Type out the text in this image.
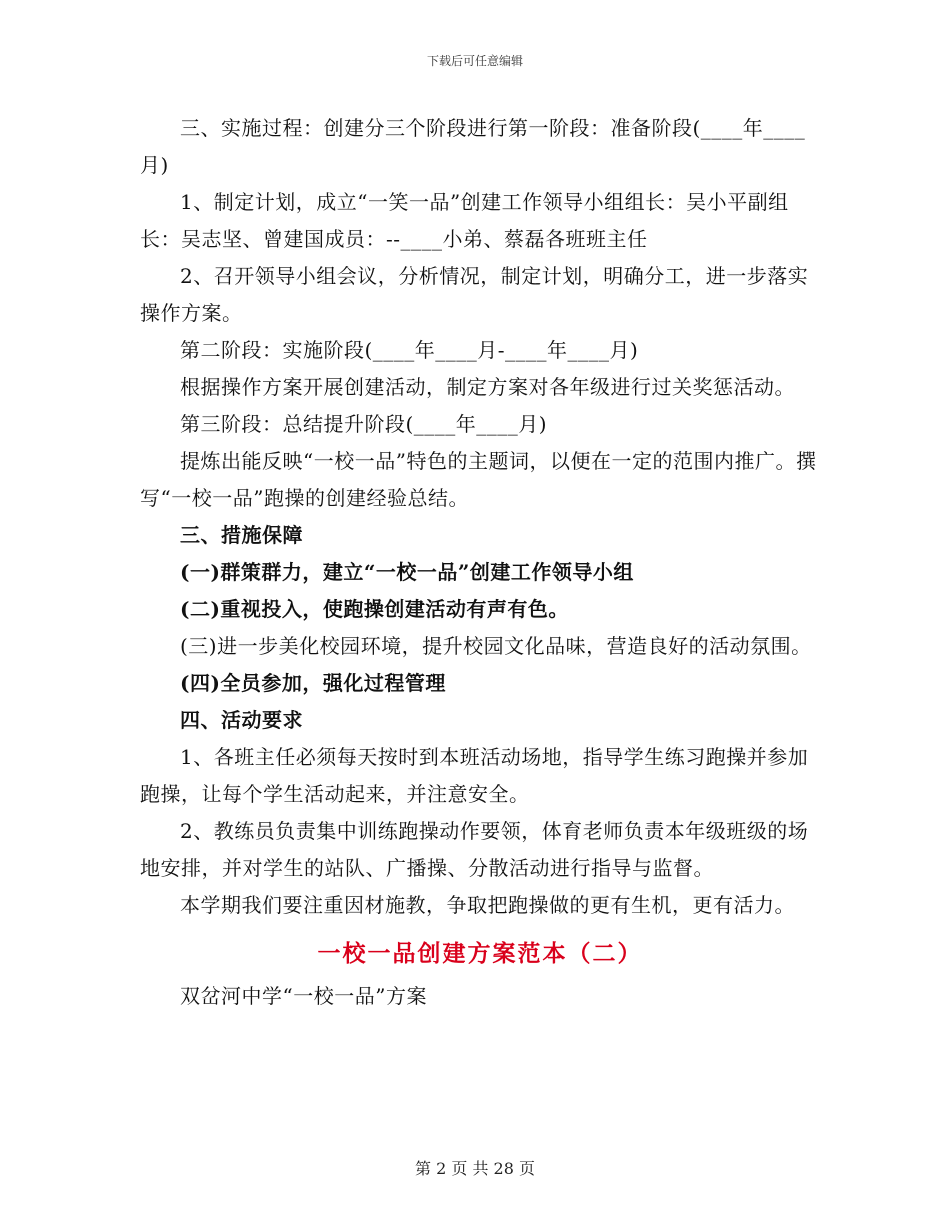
下载后可任意编辑

三、实施过程：创建分三个阶段进行第一阶段：准备阶段(____年____月)

1、制定计划，成立“一笑一品”创建工作领导小组组长：吴小平副组长：吴志坚、曾建国成员：--____小弟、蔡磊各班班主任

2、召开领导小组会议，分析情况，制定计划，明确分工，进一步落实操作方案。

第二阶段：实施阶段(____年____月-____年____月)

根据操作方案开展创建活动，制定方案对各年级进行过关奖惩活动。

第三阶段：总结提升阶段(____年____月)

提炼出能反映“一校一品”特色的主题词，以便在一定的范围内推广。撰写“一校一品”跑操的创建经验总结。

三、措施保障

(一)群策群力，建立“一校一品”创建工作领导小组

(二)重视投入，使跑操创建活动有声有色。

(三)进一步美化校园环境，提升校园文化品味，营造良好的活动氛围。

(四)全员参加，强化过程管理

四、活动要求

1、各班主任必须每天按时到本班活动场地，指导学生练习跑操并参加跑操，让每个学生活动起来，并注意安全。

2、教练员负责集中训练跑操动作要领，体育老师负责本年级班级的场地安排，并对学生的站队、广播操、分散活动进行指导与监督。

本学期我们要注重因材施教，争取把跑操做的更有生机，更有活力。

一校一品创建方案范本（二）

双岔河中学“一校一品”方案

第 2 页 共 28 页
